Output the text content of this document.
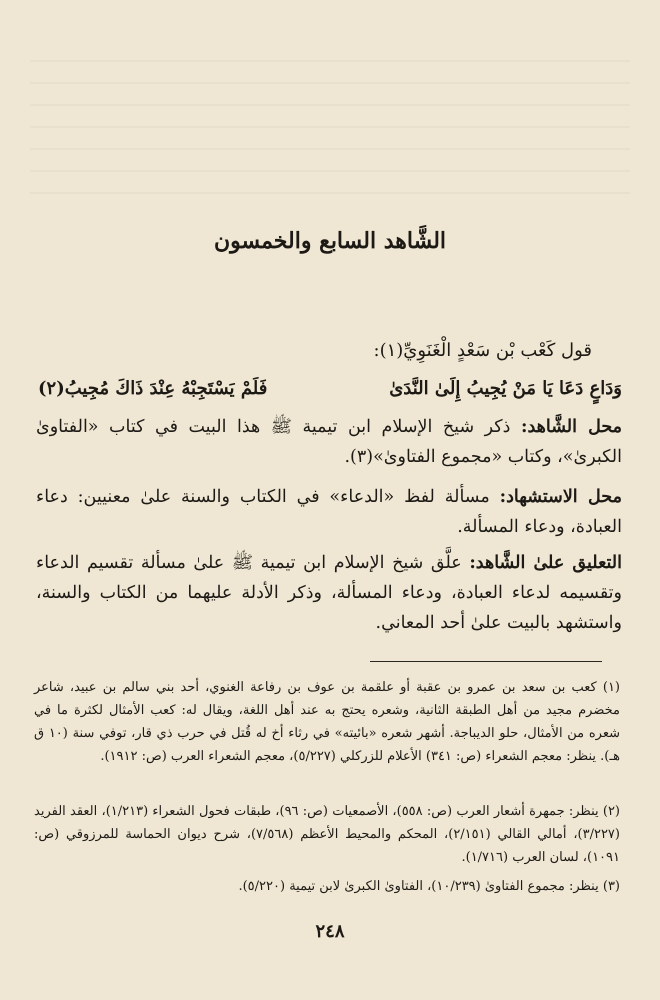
الشَّاهد السابع والخمسون
قول كَعْب بْن سَعْدٍ الْغَنَوِيِّ(١):
وَدَاعٍ دَعَا يَا مَنْ يُجِيبُ إِلَىٰ النَّدَىٰ
فَلَمْ يَسْتَجِبْهُ عِنْدَ ذَاكَ مُجِيبُ(٢)
محل الشَّاهد: ذكر شيخ الإسلام ابن تيمية ﷺ هذا البيت في كتاب «الفتاوىٰ الكبرىٰ»، وكتاب «مجموع الفتاوىٰ»(٣).
محل الاستشهاد: مسألة لفظ «الدعاء» في الكتاب والسنة علىٰ معنيين: دعاء العبادة، ودعاء المسألة.
التعليق علىٰ الشَّاهد: علَّق شيخ الإسلام ابن تيمية ﷺ علىٰ مسألة تقسيم الدعاء وتقسيمه لدعاء العبادة، ودعاء المسألة، وذكر الأدلة عليهما من الكتاب والسنة، واستشهد بالبيت علىٰ أحد المعاني.
(١) كعب بن سعد بن عمرو بن عقبة أو علقمة بن عوف بن رفاعة الغنوي، أحد بني سالم بن عبيد، شاعر مخضرم مجيد من أهل الطبقة الثانية، وشعره يحتج به عند أهل اللغة، ويقال له: كعب الأمثال لكثرة ما في شعره من الأمثال، حلو الديباجة. أشهر شعره «بائيته» في رثاء أخ له قُتل في حرب ذي قار، توفي سنة (١٠ ق هـ). ينظر: معجم الشعراء (ص: ٣٤١) الأعلام للزركلي (٥/٢٢٧)، معجم الشعراء العرب (ص: ١٩١٢).
(٢) ينظر: جمهرة أشعار العرب (ص: ٥٥٨)، الأصمعيات (ص: ٩٦)، طبقات فحول الشعراء (١/٢١٣)، العقد الفريد (٣/٢٢٧)، أمالي القالي (٢/١٥١)، المحكم والمحيط الأعظم (٧/٥٦٨)، شرح ديوان الحماسة للمرزوقي (ص: ١٠٩١)، لسان العرب (١/٧١٦).
(٣) ينظر: مجموع الفتاوىٰ (١٠/٢٣٩)، الفتاوىٰ الكبرىٰ لابن تيمية (٥/٢٢٠).
٢٤٨
